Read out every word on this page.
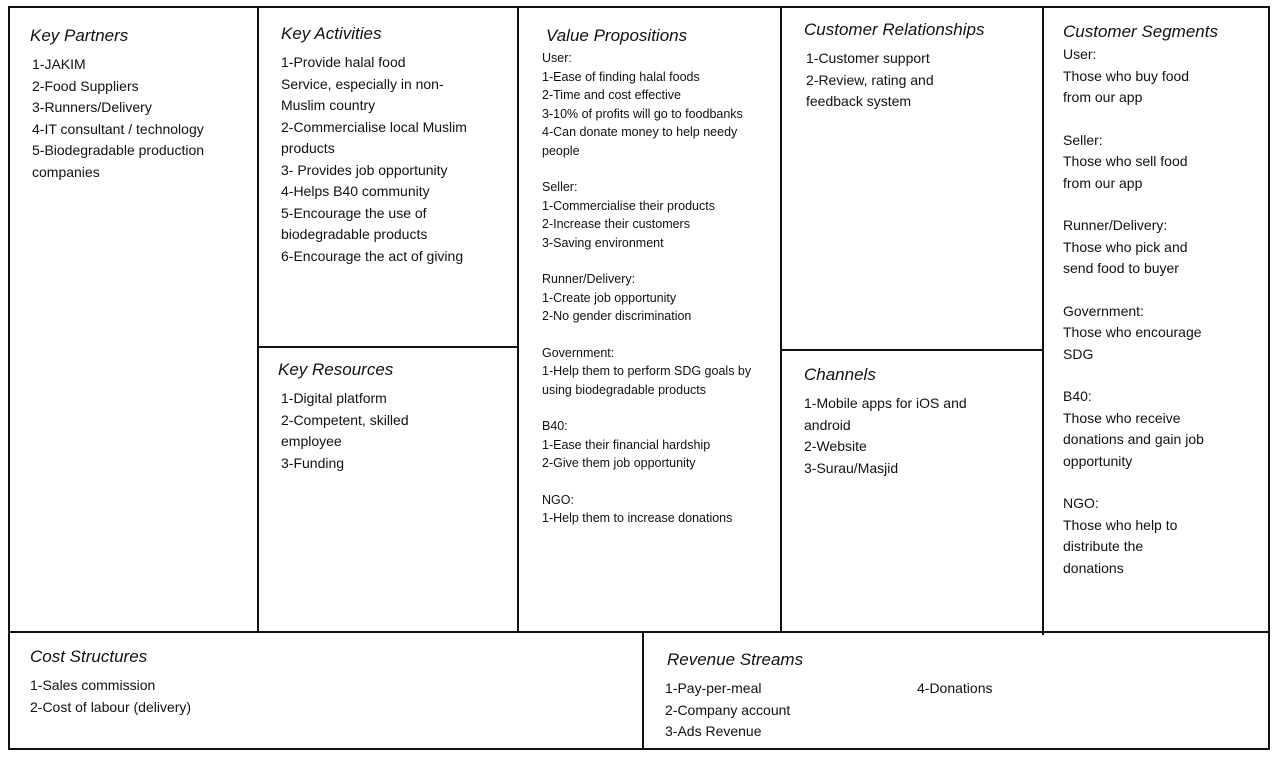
Key Partners
1-JAKIM
2-Food Suppliers
3-Runners/Delivery
4-IT consultant / technology
5-Biodegradable production
companies
Key Activities
1-Provide halal food
Service, especially in non-
Muslim country
2-Commercialise local Muslim
products
3- Provides job opportunity
4-Helps B40 community
5-Encourage the use of
biodegradable products
6-Encourage the act of giving
Key Resources
1-Digital platform
2-Competent, skilled
employee
3-Funding
Value Propositions
User:
1-Ease of finding halal foods
2-Time and cost effective
3-10% of profits will go to foodbanks
4-Can donate money to help needy
people
Seller:
1-Commercialise their products
2-Increase their customers
3-Saving environment
Runner/Delivery:
1-Create job opportunity
2-No gender discrimination
Government:
1-Help them to perform SDG goals by
using biodegradable products
B40:
1-Ease their financial hardship
2-Give them job opportunity
NGO:
1-Help them to increase donations
Customer Relationships
1-Customer support
2-Review, rating and
feedback system
Channels
1-Mobile apps for iOS and
android
2-Website
3-Surau/Masjid
Customer Segments
User:
Those who buy food
from our app
Seller:
Those who sell food
from our app
Runner/Delivery:
Those who pick and
send food to buyer
Government:
Those who encourage
SDG
B40:
Those who receive
donations and gain job
opportunity
NGO:
Those who help to
distribute the
donations
Cost Structures
1-Sales commission
2-Cost of labour (delivery)
Revenue Streams
1-Pay-per-meal
2-Company account
3-Ads Revenue
4-Donations
